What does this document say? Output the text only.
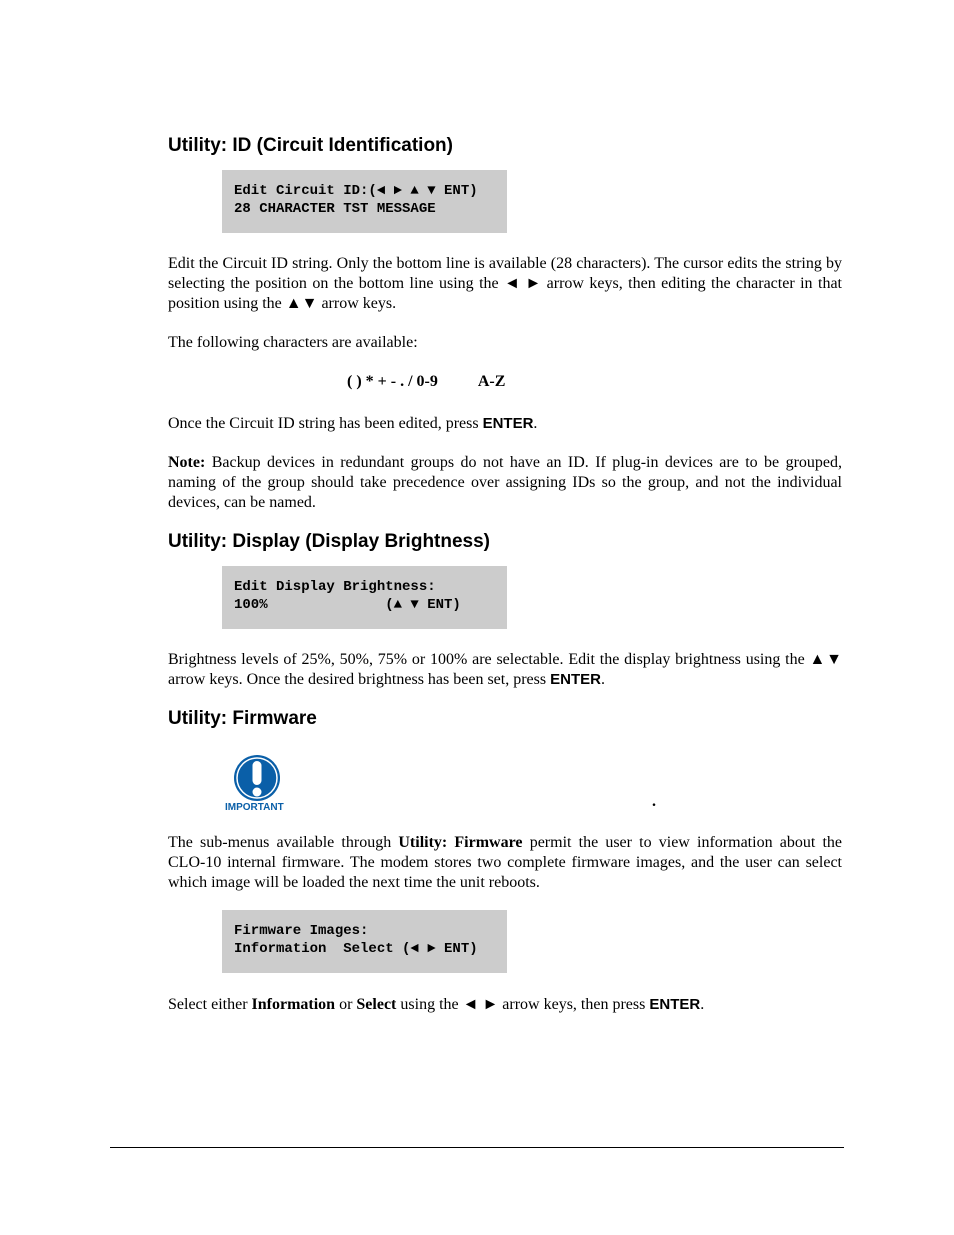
Utility: ID (Circuit Identification)
Edit Circuit ID:(◄ ► ▲ ▼ ENT)
28 CHARACTER TST MESSAGE

Edit the Circuit ID string. Only the bottom line is available (28 characters). The cursor edits the string by selecting the position on the bottom line using the ◄ ► arrow keys, then editing the character in that position using the ▲▼ arrow keys.

The following characters are available:

( ) * + - . / 0-9	A-Z

Once the Circuit ID string has been edited, press ENTER.

Note: Backup devices in redundant groups do not have an ID. If plug-in devices are to be grouped, naming of the group should take precedence over assigning IDs so the group, and not the individual devices, can be named.

Utility: Display (Display Brightness)
Edit Display Brightness:
100%              (▲ ▼ ENT)

Brightness levels of 25%, 50%, 75% or 100% are selectable. Edit the display brightness using the ▲▼ arrow keys. Once the desired brightness has been set, press ENTER.

Utility: Firmware
IMPORTANT	.

The sub-menus available through Utility: Firmware permit the user to view information about the CLO-10 internal firmware. The modem stores two complete firmware images, and the user can select which image will be loaded the next time the unit reboots.

Firmware Images:
Information  Select (◄ ► ENT)

Select either Information or Select using the ◄ ► arrow keys, then press ENTER.
